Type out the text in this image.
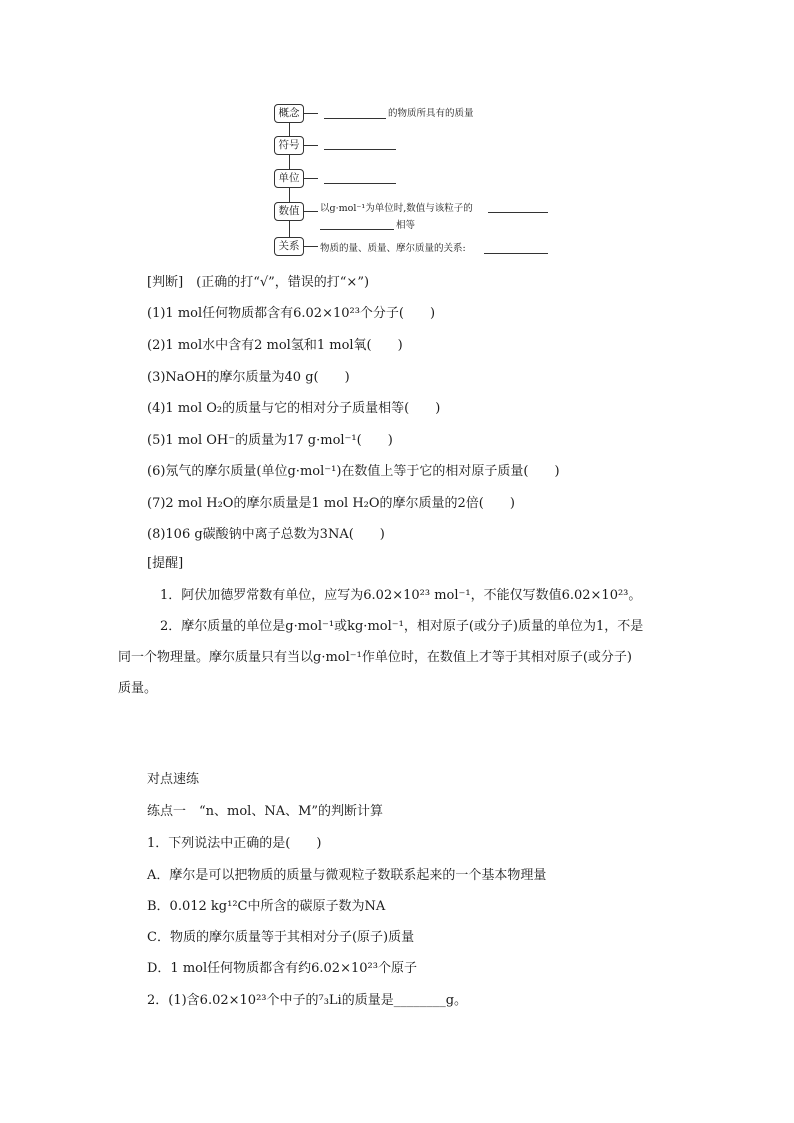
概念	的物质所具有的质量
符号
单位
数值	以g·mol⁻¹为单位时,数值与该粒子的
相等
关系	物质的量、质量、摩尔质量的关系:
[判断]　(正确的打“√”，错误的打“×”)
(1)1 mol任何物质都含有6.02×10²³个分子(　　)
(2)1 mol水中含有2 mol氢和1 mol氧(　　)
(3)NaOH的摩尔质量为40 g(　　)
(4)1 mol O₂的质量与它的相对分子质量相等(　　)
(5)1 mol OH⁻的质量为17 g·mol⁻¹(　　)
(6)氖气的摩尔质量(单位g·mol⁻¹)在数值上等于它的相对原子质量(　　)
(7)2 mol H₂O的摩尔质量是1 mol H₂O的摩尔质量的2倍(　　)
(8)106 g碳酸钠中离子总数为3NA(　　)
[提醒]
1．阿伏加德罗常数有单位，应写为6.02×10²³ mol⁻¹，不能仅写数值6.02×10²³。
2．摩尔质量的单位是g·mol⁻¹或kg·mol⁻¹，相对原子(或分子)质量的单位为1，不是
同一个物理量。摩尔质量只有当以g·mol⁻¹作单位时，在数值上才等于其相对原子(或分子)
质量。
对点速练
练点一　“n、mol、NA、M”的判断计算
1．下列说法中正确的是(　　)
A．摩尔是可以把物质的质量与微观粒子数联系起来的一个基本物理量
B．0.012 kg¹²C中所含的碳原子数为NA
C．物质的摩尔质量等于其相对分子(原子)质量
D．1 mol任何物质都含有约6.02×10²³个原子
2．(1)含6.02×10²³个中子的⁷₃Li的质量是________g。
